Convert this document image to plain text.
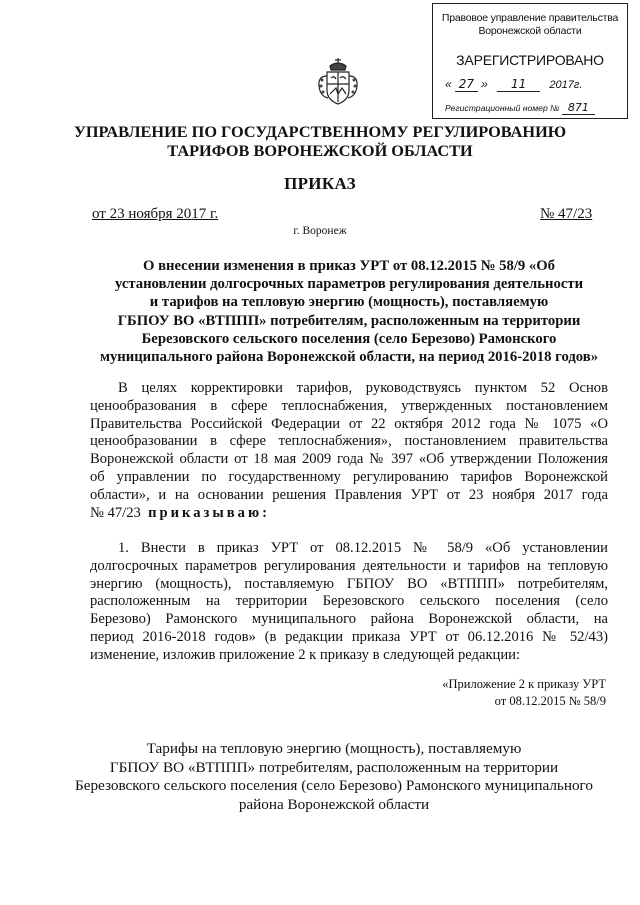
Правовое управление правительства
Воронежской области
ЗАРЕГИСТРИРОВАНО
« 27 » 11 2017г.
Регистрационный номер № 871
УПРАВЛЕНИЕ ПО ГОСУДАРСТВЕННОМУ РЕГУЛИРОВАНИЮ
ТАРИФОВ ВОРОНЕЖСКОЙ ОБЛАСТИ
ПРИКАЗ
от 23 ноября 2017 г.	№ 47/23
г. Воронеж
О внесении изменения в приказ УРТ от 08.12.2015 № 58/9 «Об
установлении долгосрочных параметров регулирования деятельности
и тарифов на тепловую энергию (мощность), поставляемую
ГБПОУ ВО «ВТППП» потребителям, расположенным на территории
Березовского сельского поселения (село Березово) Рамонского
муниципального района Воронежской области, на период 2016-2018 годов»
В целях корректировки тарифов, руководствуясь пунктом 52 Основ
ценообразования в сфере теплоснабжения, утвержденных постановлением
Правительства Российской Федерации от 22 октября 2012 года № 1075 «О
ценообразовании в сфере теплоснабжения», постановлением правительства
Воронежской области от 18 мая 2009 года № 397 «Об утверждении Положения
об управлении по государственному регулированию тарифов Воронежской
области», и на основании решения Правления УРТ от 23 ноября 2017 года
№ 47/23 приказываю:
1. Внести в приказ УРТ от 08.12.2015 № 58/9 «Об установлении
долгосрочных параметров регулирования деятельности и тарифов на тепловую
энергию (мощность), поставляемую ГБПОУ ВО «ВТППП» потребителям,
расположенным на территории Березовского сельского поселения (село
Березово) Рамонского муниципального района Воронежской области, на
период 2016-2018 годов» (в редакции приказа УРТ от 06.12.2016 № 52/43)
изменение, изложив приложение 2 к приказу в следующей редакции:
«Приложение 2 к приказу УРТ
от 08.12.2015 № 58/9
Тарифы на тепловую энергию (мощность), поставляемую
ГБПОУ ВО «ВТППП» потребителям, расположенным на территории
Березовского сельского поселения (село Березово) Рамонского муниципального
района Воронежской области
